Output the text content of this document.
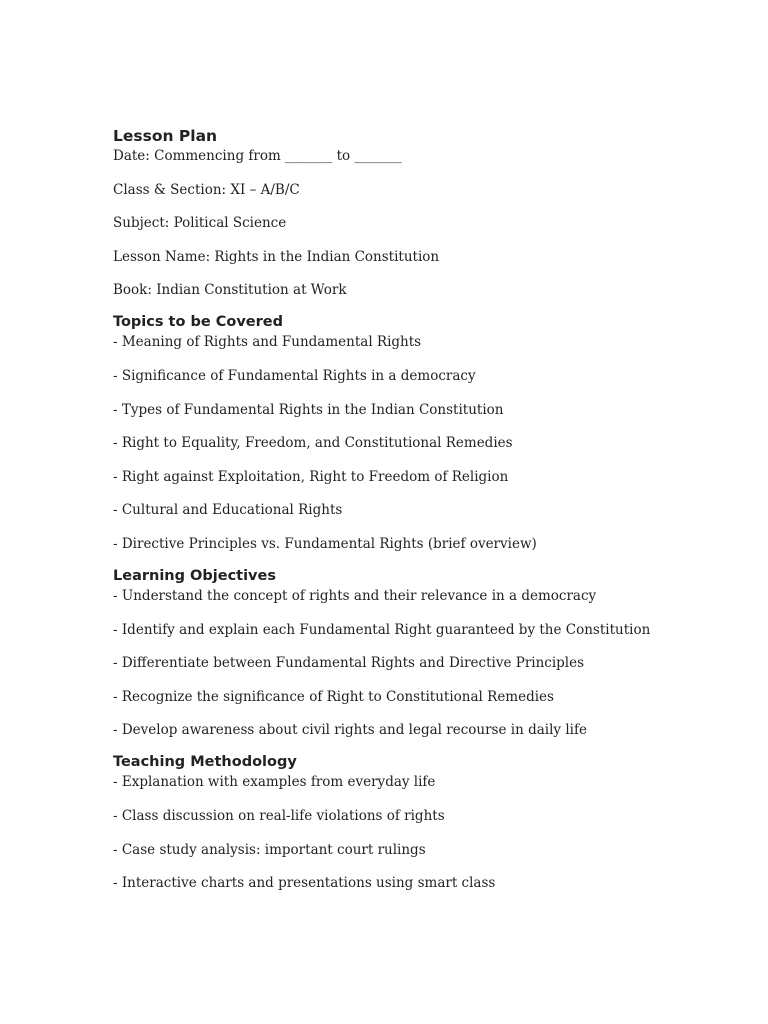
Lesson Plan
Date: Commencing from _______ to _______
Class & Section: XI – A/B/C
Subject: Political Science
Lesson Name: Rights in the Indian Constitution
Book: Indian Constitution at Work
Topics to be Covered
- Meaning of Rights and Fundamental Rights
- Significance of Fundamental Rights in a democracy
- Types of Fundamental Rights in the Indian Constitution
- Right to Equality, Freedom, and Constitutional Remedies
- Right against Exploitation, Right to Freedom of Religion
- Cultural and Educational Rights
- Directive Principles vs. Fundamental Rights (brief overview)
Learning Objectives
- Understand the concept of rights and their relevance in a democracy
- Identify and explain each Fundamental Right guaranteed by the Constitution
- Differentiate between Fundamental Rights and Directive Principles
- Recognize the significance of Right to Constitutional Remedies
- Develop awareness about civil rights and legal recourse in daily life
Teaching Methodology
- Explanation with examples from everyday life
- Class discussion on real-life violations of rights
- Case study analysis: important court rulings
- Interactive charts and presentations using smart class
